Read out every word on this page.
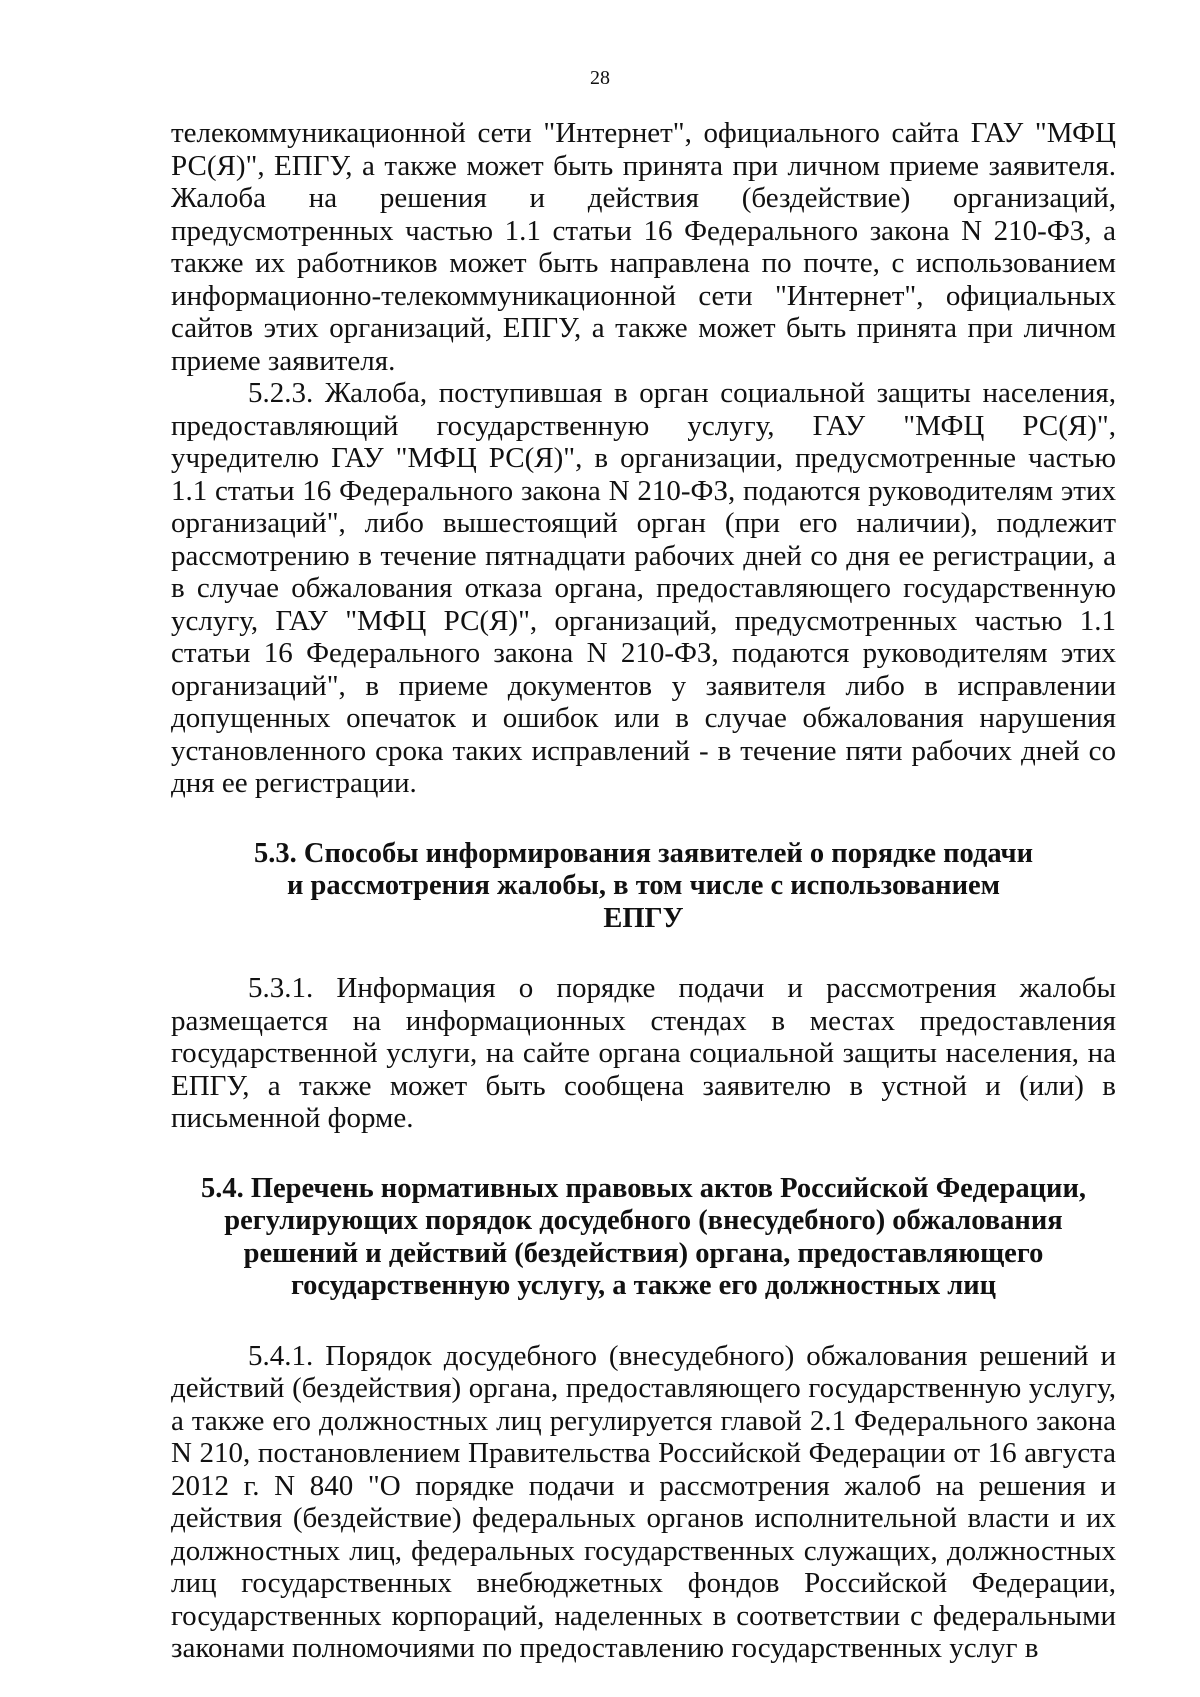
28

телекоммуникационной сети "Интернет", официального сайта ГАУ "МФЦ РС(Я)", ЕПГУ, а также может быть принята при личном приеме заявителя. Жалоба на решения и действия (бездействие) организаций, предусмотренных частью 1.1 статьи 16 Федерального закона N 210-ФЗ, а также их работников может быть направлена по почте, с использованием информационно-телекоммуникационной сети "Интернет", официальных сайтов этих организаций, ЕПГУ, а также может быть принята при личном приеме заявителя.

5.2.3. Жалоба, поступившая в орган социальной защиты населения, предоставляющий государственную услугу, ГАУ "МФЦ РС(Я)", учредителю ГАУ "МФЦ РС(Я)", в организации, предусмотренные частью 1.1 статьи 16 Федерального закона N 210-ФЗ, подаются руководителям этих организаций", либо вышестоящий орган (при его наличии), подлежит рассмотрению в течение пятнадцати рабочих дней со дня ее регистрации, а в случае обжалования отказа органа, предоставляющего государственную услугу, ГАУ "МФЦ РС(Я)", организаций, предусмотренных частью 1.1 статьи 16 Федерального закона N 210-ФЗ, подаются руководителям этих организаций", в приеме документов у заявителя либо в исправлении допущенных опечаток и ошибок или в случае обжалования нарушения установленного срока таких исправлений - в течение пяти рабочих дней со дня ее регистрации.

5.3. Способы информирования заявителей о порядке подачи
и рассмотрения жалобы, в том числе с использованием
ЕПГУ

5.3.1. Информация о порядке подачи и рассмотрения жалобы размещается на информационных стендах в местах предоставления государственной услуги, на сайте органа социальной защиты населения, на ЕПГУ, а также может быть сообщена заявителю в устной и (или) в письменной форме.

5.4. Перечень нормативных правовых актов Российской Федерации,
регулирующих порядок досудебного (внесудебного) обжалования
решений и действий (бездействия) органа, предоставляющего
государственную услугу, а также его должностных лиц

5.4.1. Порядок досудебного (внесудебного) обжалования решений и действий (бездействия) органа, предоставляющего государственную услугу, а также его должностных лиц регулируется главой 2.1 Федерального закона N 210, постановлением Правительства Российской Федерации от 16 августа 2012 г. N 840 "О порядке подачи и рассмотрения жалоб на решения и действия (бездействие) федеральных органов исполнительной власти и их должностных лиц, федеральных государственных служащих, должностных лиц государственных внебюджетных фондов Российской Федерации, государственных корпораций, наделенных в соответствии с федеральными законами полномочиями по предоставлению государственных услуг в
